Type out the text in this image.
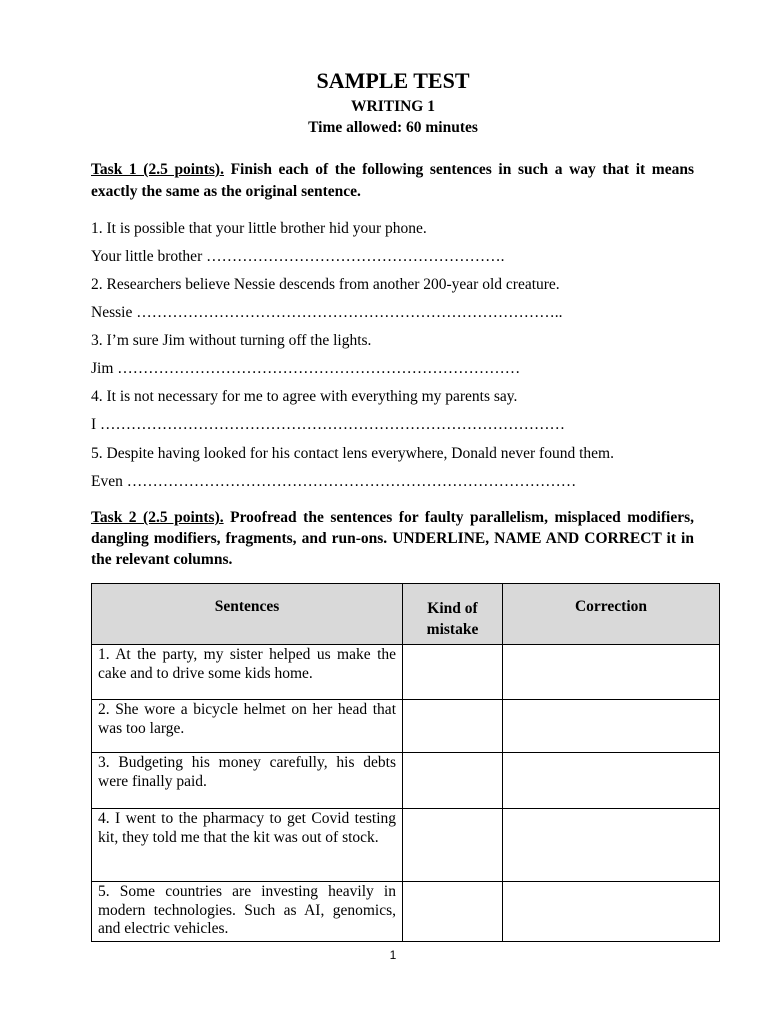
SAMPLE TEST
WRITING 1
Time allowed: 60 minutes
Task 1 (2.5 points). Finish each of the following sentences in such a way that it means exactly the same as the original sentence.
1. It is possible that your little brother hid your phone.
Your little brother ………………………………………………….
2. Researchers believe Nessie descends from another 200-year old creature.
Nessie ………………………………………………………………………..
3. I’m sure Jim without turning off the lights.
Jim ……………………………………………………………………
4. It is not necessary for me to agree with everything my parents say.
I ………………………………………………………………………………
5. Despite having looked for his contact lens everywhere, Donald never found them.
Even ……………………………………………………………………………
Task 2 (2.5 points). Proofread the sentences for faulty parallelism, misplaced modifiers, dangling modifiers, fragments, and run-ons. UNDERLINE, NAME AND CORRECT it in the relevant columns.
Sentences	Kind of mistake	Correction
1. At the party, my sister helped us make the cake and to drive some kids home.		
2. She wore a bicycle helmet on her head that was too large.		
3. Budgeting his money carefully, his debts were finally paid.		
4. I went to the pharmacy to get Covid testing kit, they told me that the kit was out of stock.		
5. Some countries are investing heavily in modern technologies. Such as AI, genomics, and electric vehicles.		
1
